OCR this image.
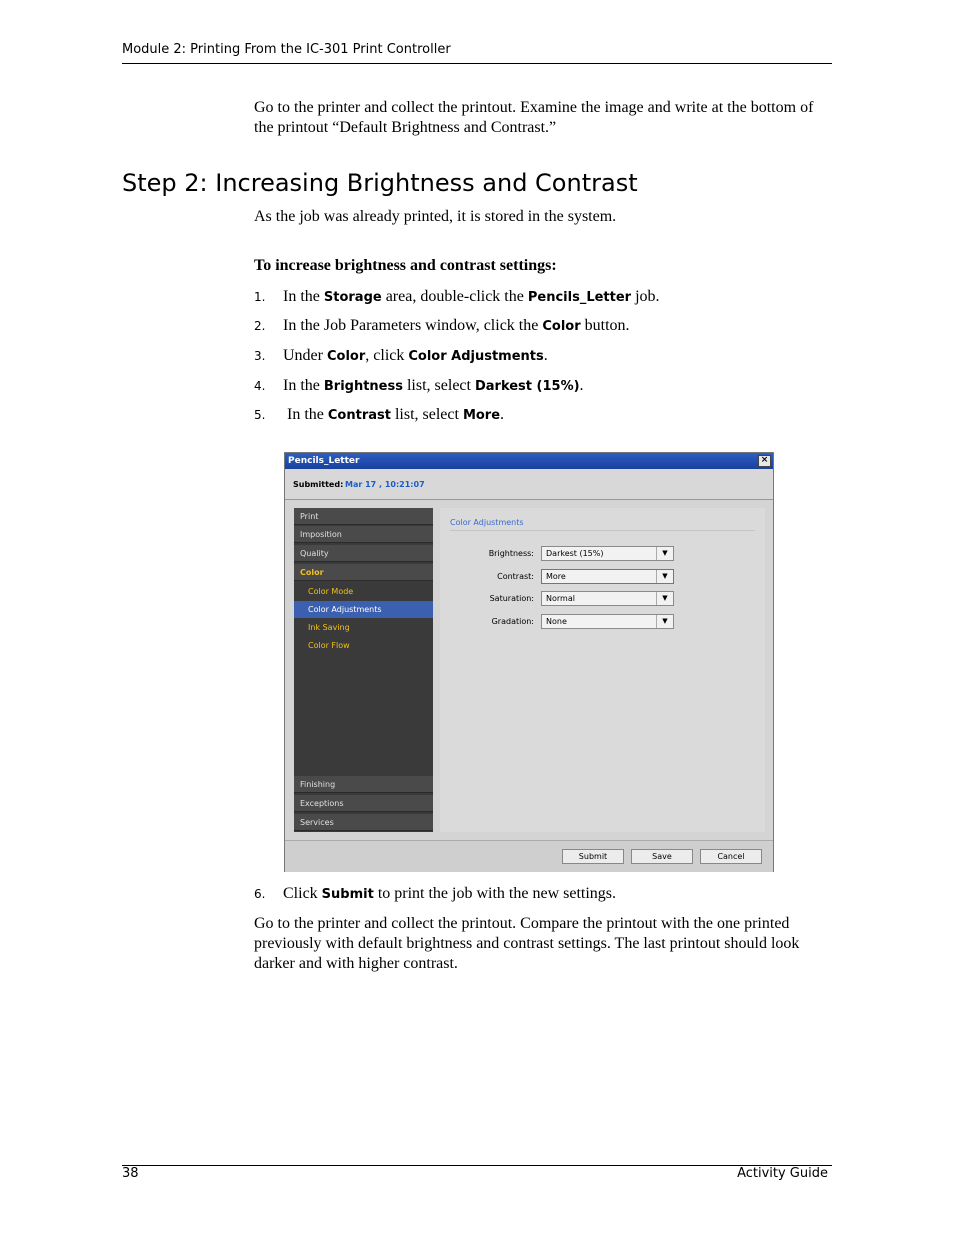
Module 2: Printing From the IC-301 Print Controller
Go to the printer and collect the printout. Examine the image and write at the bottom of the printout “Default Brightness and Contrast.”
Step 2: Increasing Brightness and Contrast
As the job was already printed, it is stored in the system.
To increase brightness and contrast settings:
1. In the Storage area, double-click the Pencils_Letter job.
2. In the Job Parameters window, click the Color button.
3. Under Color, click Color Adjustments.
4. In the Brightness list, select Darkest (15%).
5. In the Contrast list, select More.
Pencils_Letter	×
Submitted: Mar 17 , 10:21:07
Print
Imposition
Quality
Color
Color Mode
Color Adjustments
Ink Saving
Color Flow
Finishing
Exceptions
Services
Color Adjustments
Brightness:	Darkest (15%)	▼
Contrast:	More	▼
Saturation:	Normal	▼
Gradation:	None	▼
Submit	Save	Cancel
6. Click Submit to print the job with the new settings.
Go to the printer and collect the printout. Compare the printout with the one printed previously with default brightness and contrast settings. The last printout should look darker and with higher contrast.
38	Activity Guide
